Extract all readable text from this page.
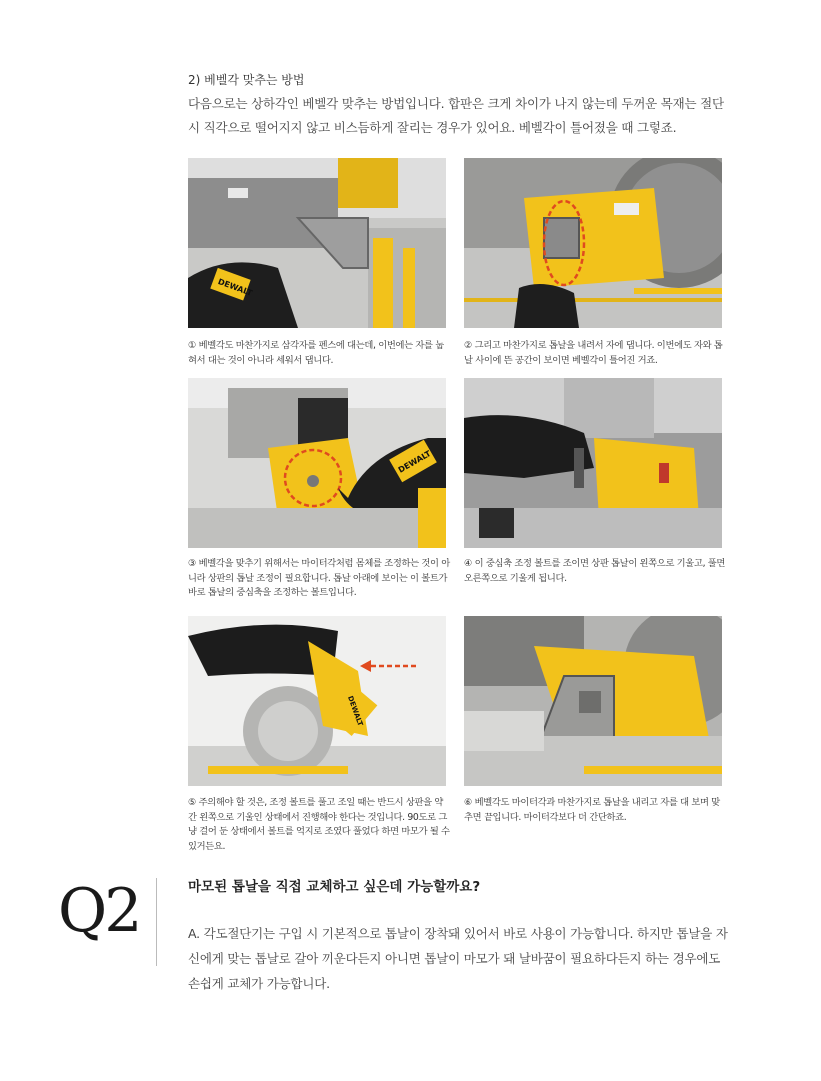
2) 베벨각 맞추는 방법
다음으로는 상하각인 베벨각 맞추는 방법입니다. 합판은 크게 차이가 나지 않는데 두꺼운 목재는 절단시 직각으로 떨어지지 않고 비스듬하게 잘리는 경우가 있어요. 베벨각이 틀어졌을 때 그렇죠.
DEWALT
① 베벨각도 마찬가지로 삼각자를 펜스에 대는데, 이번에는 자를 눕혀서 대는 것이 아니라 세워서 댑니다.
② 그리고 마찬가지로 톱날을 내려서 자에 댑니다. 이번에도 자와 톱날 사이에 뜬 공간이 보이면 베벨각이 틀어진 거죠.
DEWALT
③ 베벨각을 맞추기 위해서는 마이터각처럼 몸체를 조정하는 것이 아니라 상판의 톱날 조정이 필요합니다. 톱날 아래에 보이는 이 볼트가 바로 톱날의 중심축을 조정하는 볼트입니다.
④ 이 중심축 조정 볼트를 조이면 상판 톱날이 왼쪽으로 기울고, 풀면 오른쪽으로 기울게 됩니다.
DEWALT
⑤ 주의해야 할 것은, 조정 볼트를 풀고 조일 때는 반드시 상판을 약간 왼쪽으로 기울인 상태에서 진행해야 한다는 것입니다. 90도로 그냥 걸어 둔 상태에서 볼트를 억지로 조였다 풀었다 하면 마모가 될 수 있거든요.
⑥ 베벨각도 마이터각과 마찬가지로 톱날을 내리고 자를 대 보며 맞추면 끝입니다. 마이터각보다 더 간단하죠.
Q2	마모된 톱날을 직접 교체하고 싶은데 가능할까요?
A. 각도절단기는 구입 시 기본적으로 톱날이 장착돼 있어서 바로 사용이 가능합니다. 하지만 톱날을 자신에게 맞는 톱날로 갈아 끼운다든지 아니면 톱날이 마모가 돼 날바꿈이 필요하다든지 하는 경우에도 손쉽게 교체가 가능합니다.
